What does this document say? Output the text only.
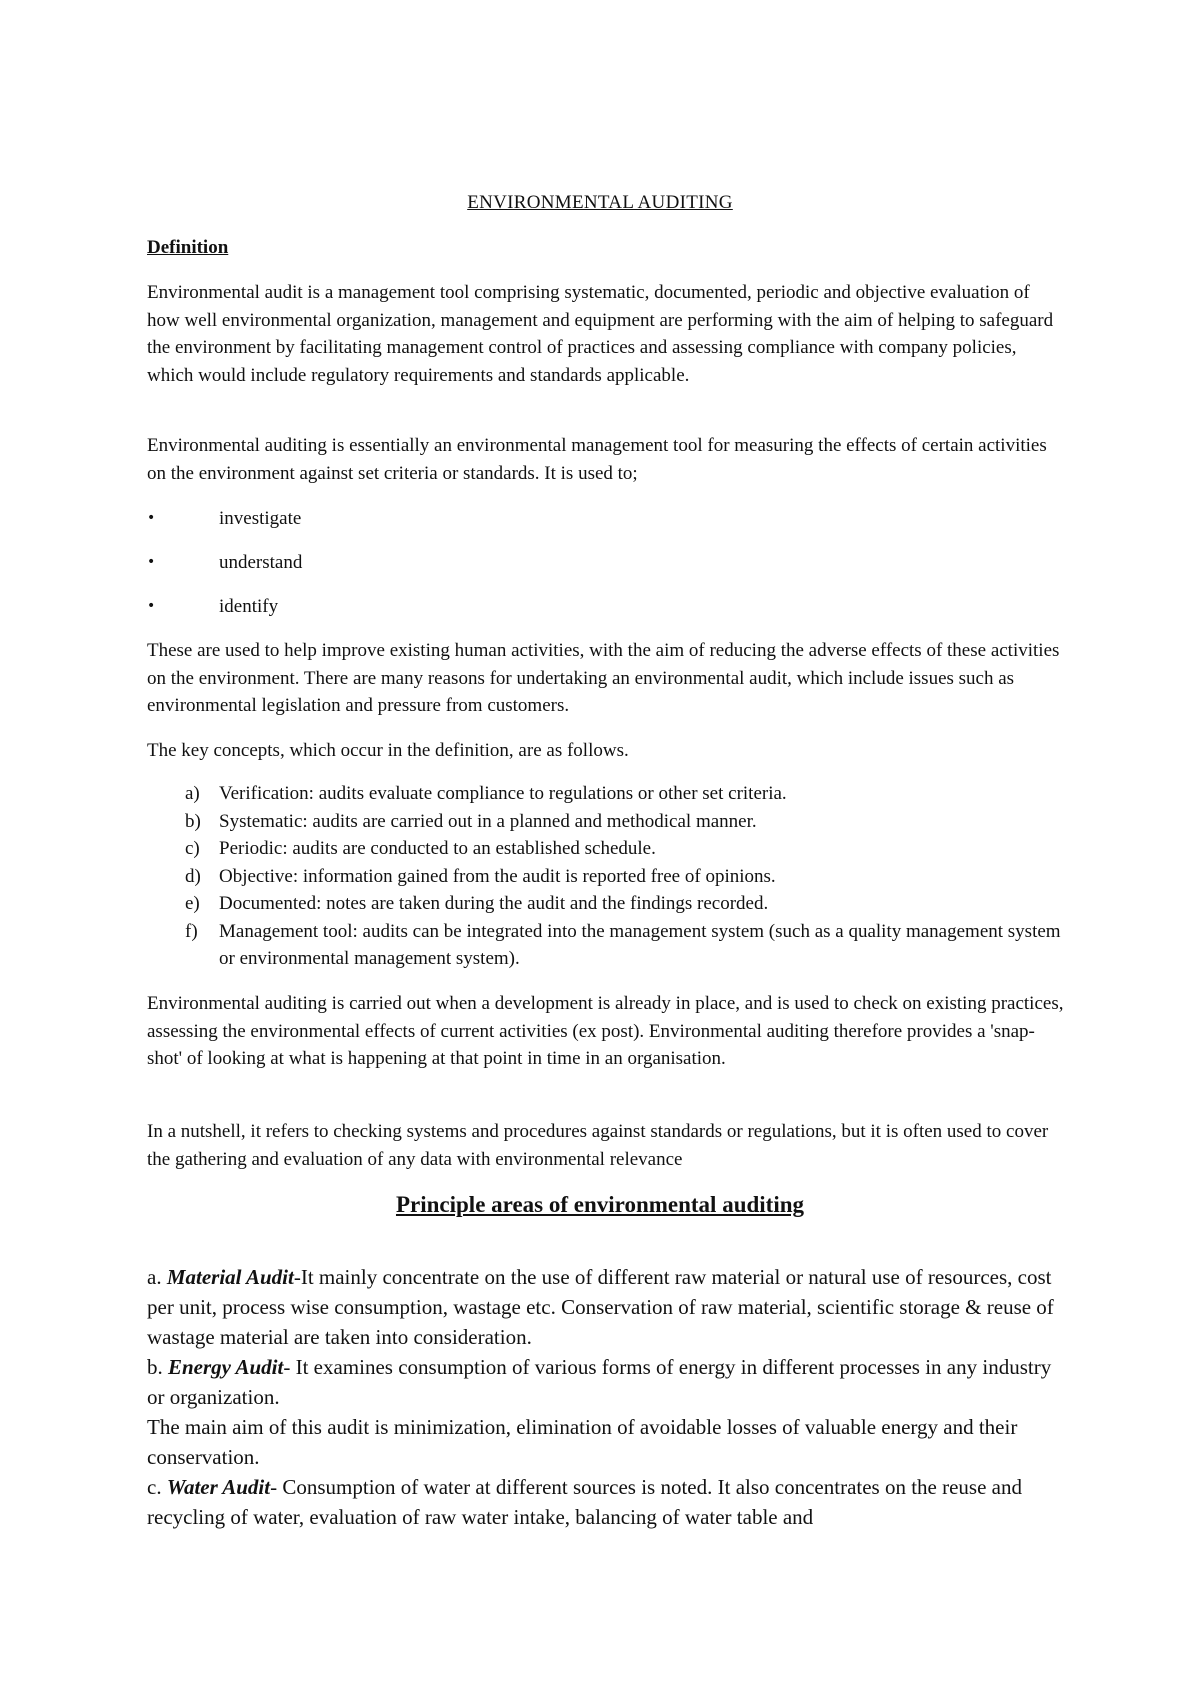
ENVIRONMENTAL AUDITING
Definition

Environmental audit is a management tool comprising systematic, documented, periodic and objective evaluation of how well environmental organization, management and equipment are performing with the aim of helping to safeguard the environment by facilitating management control of practices and assessing compliance with company policies, which would include regulatory requirements and standards applicable.

Environmental auditing is essentially an environmental management tool for measuring the effects of certain activities on the environment against set criteria or standards. It is used to;

•	investigate
•	understand
•	identify

These are used to help improve existing human activities, with the aim of reducing the adverse effects of these activities on the environment. There are many reasons for undertaking an environmental audit, which include issues such as environmental legislation and pressure from customers.

The key concepts, which occur in the definition, are as follows.

a) Verification: audits evaluate compliance to regulations or other set criteria.
b) Systematic: audits are carried out in a planned and methodical manner.
c) Periodic: audits are conducted to an established schedule.
d) Objective: information gained from the audit is reported free of opinions.
e) Documented: notes are taken during the audit and the findings recorded.
f) Management tool: audits can be integrated into the management system (such as a quality management system or environmental management system).

Environmental auditing is carried out when a development is already in place, and is used to check on existing practices, assessing the environmental effects of current activities (ex post). Environmental auditing therefore provides a 'snap-shot' of looking at what is happening at that point in time in an organisation.

In a nutshell, it refers to checking systems and procedures against standards or regulations, but it is often used to cover the gathering and evaluation of any data with environmental relevance

Principle areas of environmental auditing

a. Material Audit-It mainly concentrate on the use of different raw material or natural use of resources, cost per unit, process wise consumption, wastage etc. Conservation of raw material, scientific storage & reuse of wastage material are taken into consideration.
b. Energy Audit- It examines consumption of various forms of energy in different processes in any industry or organization.
The main aim of this audit is minimization, elimination of avoidable losses of valuable energy and their conservation.
c. Water Audit- Consumption of water at different sources is noted. It also concentrates on the reuse and recycling of water, evaluation of raw water intake, balancing of water table and
